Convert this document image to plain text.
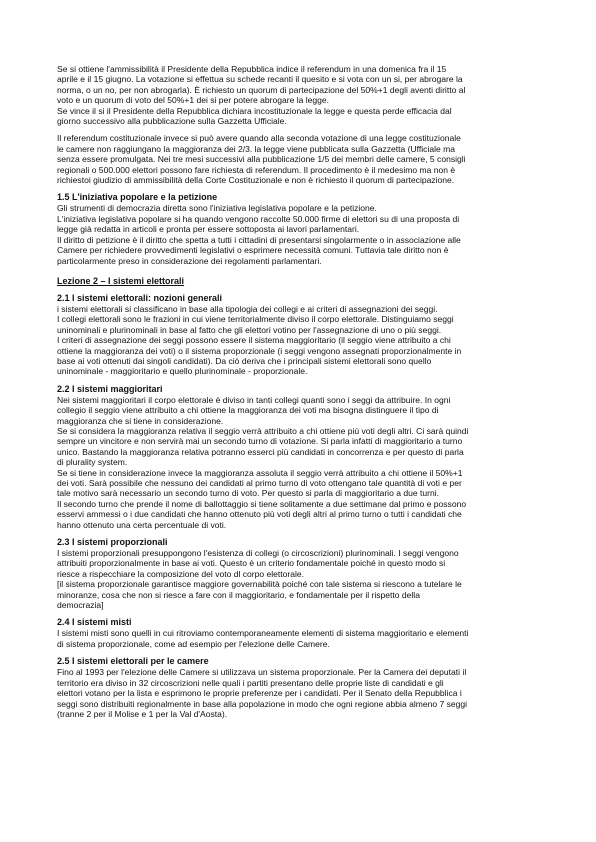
Se si ottiene l'ammissibilità il Presidente della Repubblica indice il referendum in una domenica fra il 15
aprile e il 15 giugno. La votazione si effettua su schede recanti il quesito e si vota con un si, per abrogare la
norma, o un no, per non abrogarla). È richiesto un quorum di partecipazione del 50%+1 degli aventi diritto al
voto e un quorum di voto del 50%+1 dei si per potere abrogare la legge.
Se vince il si il Presidente della Repubblica dichiara incostituzionale la legge e questa perde efficacia dal
giorno successivo alla pubblicazione sulla Gazzetta Ufficiale.
Il referendum costituzionale invece si può avere quando alla seconda votazione di una legge costituzionale
le camere non raggiungano la maggioranza dei 2/3. la legge viene pubblicata sulla Gazzetta (Ufficiale ma
senza essere promulgata. Nei tre mesi successivi alla pubblicazione 1/5 dei membri delle camere, 5 consigli
regionali o 500.000 elettori possono fare richiesta di referendum. Il procedimento è il medesimo ma non è
richiestoi giudizio di ammissibilità della Corte Costituzionale e non è richiesto il quorum di partecipazione.
1.5 L'iniziativa popolare e la petizione
Gli strumenti di democrazia diretta sono l'iniziativa legislativa popolare e la petizione.
L'iniziativa legislativa popolare si ha quando vengono raccolte 50.000 firme di elettori su di una proposta di
legge già redatta in articoli e pronta per essere sottoposta ai lavori parlamentari.
Il diritto di petizione è il diritto che spetta a tutti i cittadini di presentarsi singolarmente o in associazione alle
Camere per richiedere provvedimenti legislativi o esprimere necessità comuni. Tuttavia tale diritto non è
particolarmente preso in considerazione dei regolamenti parlamentari.
Lezione 2 – I sistemi elettorali
2.1 I sistemi elettorali: nozioni generali
i sistemi elettorali si classificano in base alla tipologia dei collegi e ai criteri di assegnazioni dei seggi.
I collegi elettorali sono le frazioni in cui viene territorialmente diviso il corpo elettorale. Distinguiamo seggi
uninominali e plurinominali in base al fatto che gli elettori votino per l'assegnazione di uno o più seggi.
I criteri di assegnazione dei seggi possono essere il sistema maggioritario (il seggio viene attribuito a chi
ottiene la maggioranza dei voti) o il sistema proporzionale (i seggi vengono assegnati proporzionalmente in
base ai voti ottenuti dai singoli candidati). Da ciò deriva che i principali sistemi elettorali sono quello
uninominale - maggioritario e quello plurinominale - proporzionale.
2.2 I sistemi maggioritari
Nei sistemi maggioritari il corpo elettorale è diviso in tanti collegi quanti sono i seggi da attribuire. In ogni
collegio il seggio viene attribuito a chi ottiene la maggioranza dei voti ma bisogna distinguere il tipo di
maggioranza che si tiene in considerazione.
Se si considera la maggioranza relativa il seggio verrà attribuito a chi ottiene più voti degli altri. Ci sarà quindi
sempre un vincitore e non servirà mai un secondo turno di votazione. Si parla infatti di maggioritario a turno
unico. Bastando la maggioranza relativa potranno esserci più candidati in concorrenza e per questo di parla
di plurality system.
Se si tiene in considerazione invece la maggioranza assoluta il seggio verrà attribuito a chi ottiene il 50%+1
dei voti. Sarà possibile che nessuno dei candidati al primo turno di voto ottengano tale quantità di voti e per
tale motivo sarà necessario un secondo turno di voto. Per questo si parla di maggioritario a due turni.
Il secondo turno che prende il nome di ballottaggio si tiene solitamente a due settimane dal primo e possono
esservi ammessi o i due candidati che hanno ottenuto più voti degli altri al primo turno o tutti i candidati che
hanno ottenuto una certa percentuale di voti.
2.3 I sistemi proporzionali
I sistemi proporzionali presuppongono l'esistenza di collegi (o circoscrizioni) plurinominali. I seggi vengono
attribuiti proporzionalmente in base ai voti. Questo è un criterio fondamentale poiché in questo modo si
riesce a rispecchiare la composizione del voto dl corpo elettorale.
[il sistema proporzionale garantisce maggiore governabilità poiché con tale sistema si riescono a tutelare le
minoranze, cosa che non si riesce a fare con il maggioritario, e fondamentale per il rispetto della
democrazia]
2.4 I sistemi misti
I sistemi misti sono quelli in cui ritroviamo contemporaneamente elementi di sistema maggioritario e elementi
di sistema proporzionale, come ad esempio per l'elezione delle Camere.
2.5 I sistemi elettorali per le camere
Fino al 1993 per l'elezione delle Camere si utilizzava un sistema proporzionale. Per la Camera dei deputati il
territorio era diviso in 32 circoscrizioni nelle quali i partiti presentano delle proprie liste di candidati e gli
elettori votano per la lista e esprimono le proprie preferenze per i candidati. Per il Senato della Repubblica i
seggi sono distribuiti regionalmente in base alla popolazione in modo che ogni regione abbia almeno 7 seggi
(tranne 2 per il Molise e 1 per la Val d'Aosta).
